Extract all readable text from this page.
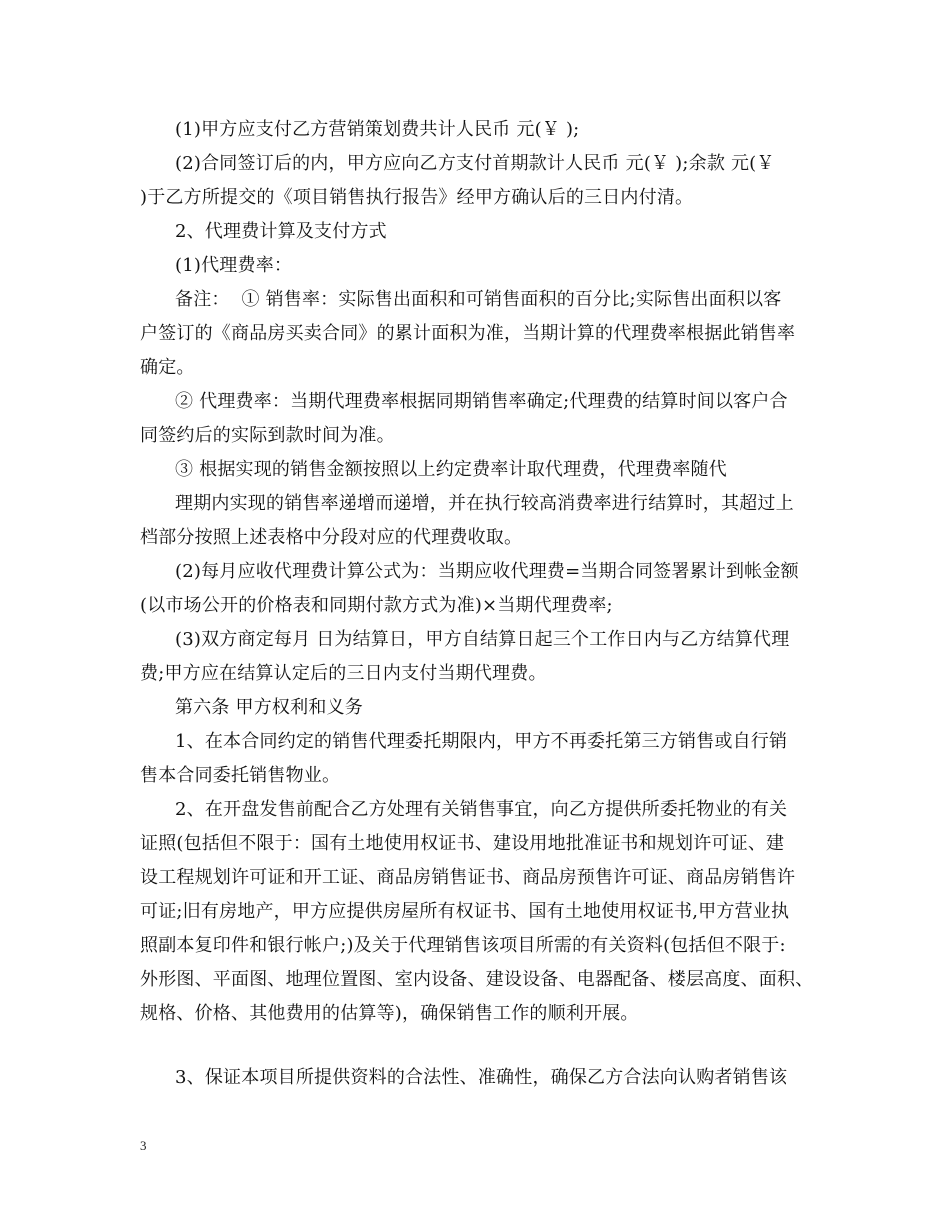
(1)甲方应支付乙方营销策划费共计人民币 元(￥ );
(2)合同签订后的内，甲方应向乙方支付首期款计人民币 元(￥ );余款 元(￥
)于乙方所提交的《项目销售执行报告》经甲方确认后的三日内付清。
2、代理费计算及支付方式
(1)代理费率：
备注：  ① 销售率：实际售出面积和可销售面积的百分比;实际售出面积以客
户签订的《商品房买卖合同》的累计面积为准，当期计算的代理费率根据此销售率
确定。
② 代理费率：当期代理费率根据同期销售率确定;代理费的结算时间以客户合
同签约后的实际到款时间为准。
③ 根据实现的销售金额按照以上约定费率计取代理费，代理费率随代
理期内实现的销售率递增而递增，并在执行较高消费率进行结算时，其超过上
档部分按照上述表格中分段对应的代理费收取。
(2)每月应收代理费计算公式为：当期应收代理费=当期合同签署累计到帐金额
(以市场公开的价格表和同期付款方式为准)×当期代理费率;
(3)双方商定每月 日为结算日，甲方自结算日起三个工作日内与乙方结算代理
费;甲方应在结算认定后的三日内支付当期代理费。
第六条 甲方权利和义务
1、在本合同约定的销售代理委托期限内，甲方不再委托第三方销售或自行销
售本合同委托销售物业。
2、在开盘发售前配合乙方处理有关销售事宜，向乙方提供所委托物业的有关
证照(包括但不限于：国有土地使用权证书、建设用地批准证书和规划许可证、建
设工程规划许可证和开工证、商品房销售证书、商品房预售许可证、商品房销售许
可证;旧有房地产，甲方应提供房屋所有权证书、国有土地使用权证书,甲方营业执
照副本复印件和银行帐户;)及关于代理销售该项目所需的有关资料(包括但不限于:
外形图、平面图、地理位置图、室内设备、建设设备、电器配备、楼层高度、面积、
规格、价格、其他费用的估算等)，确保销售工作的顺利开展。
3、保证本项目所提供资料的合法性、准确性，确保乙方合法向认购者销售该
3
